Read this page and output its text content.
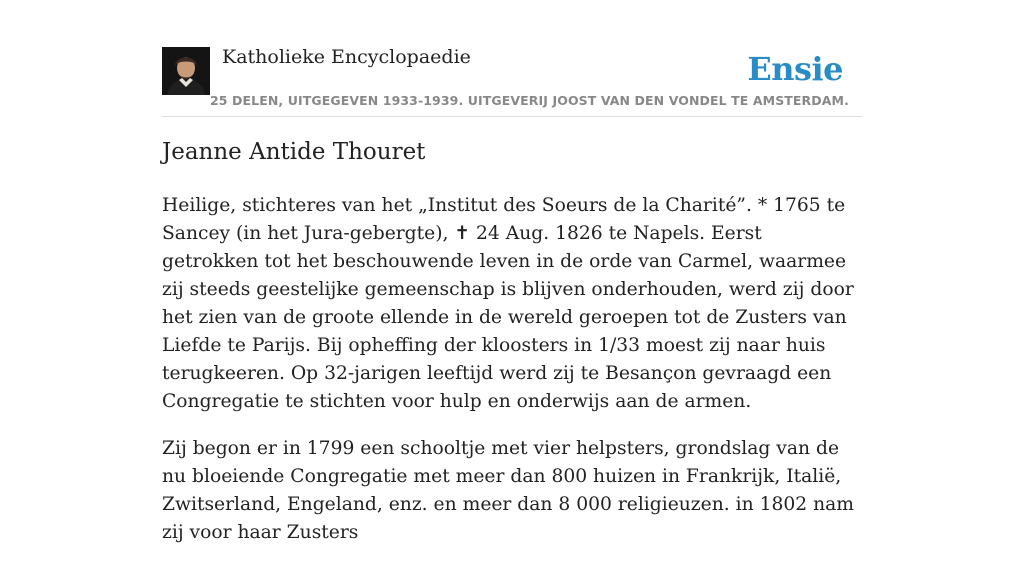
Katholieke Encyclopaedie
25 DELEN, UITGEGEVEN 1933-1939. UITGEVERIJ JOOST VAN DEN VONDEL TE AMSTERDAM.
Ensie
Jeanne Antide Thouret

Heilige, stichteres van het „Institut des Soeurs de la Charité”. * 1765 te Sancey (in het Jura-gebergte), ✝ 24 Aug. 1826 te Napels. Eerst getrokken tot het beschouwende leven in de orde van Carmel, waarmee zij steeds geestelijke gemeenschap is blijven onderhouden, werd zij door het zien van de groote ellende in de wereld geroepen tot de Zusters van Liefde te Parijs. Bij opheffing der kloosters in 1/33 moest zij naar huis terugkeeren. Op 32-jarigen leeftijd werd zij te Besançon gevraagd een Congregatie te stichten voor hulp en onderwijs aan de armen.

Zij begon er in 1799 een schooltje met vier helpsters, grondslag van de nu bloeiende Congregatie met meer dan 800 huizen in Frankrijk, Italië, Zwitserland, Engeland, enz. en meer dan 8 000 religieuzen. in 1802 nam zij voor haar Zusters
